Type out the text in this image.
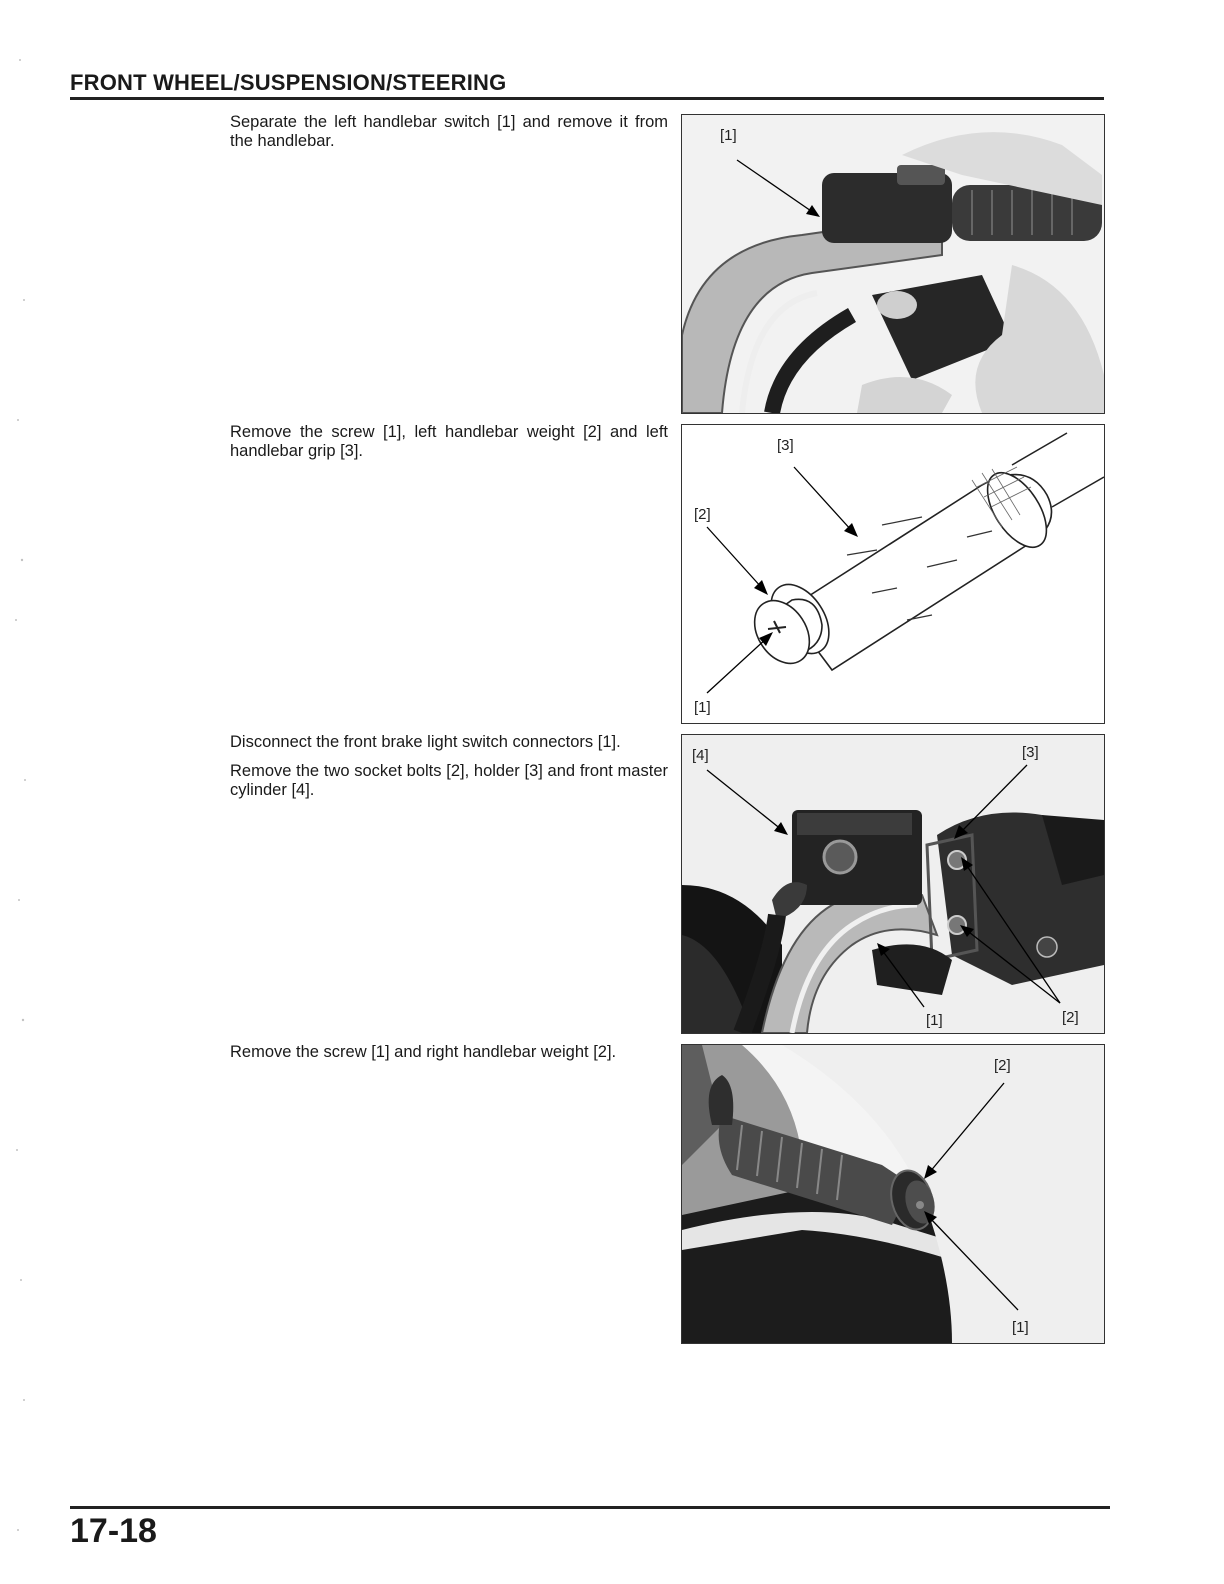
FRONT WHEEL/SUSPENSION/STEERING

Separate the left handlebar switch [1] and remove it from the handlebar.	[1]

Remove the screw [1], left handlebar weight [2] and left handlebar grip [3].	[3]
[2]
[1]

Disconnect the front brake light switch connectors [1].

Remove the two socket bolts [2], holder [3] and front master cylinder [4].

[4]	[3]
[1]	[2]

Remove the screw [1] and right handlebar weight [2].

[2]
[1]
17-18
